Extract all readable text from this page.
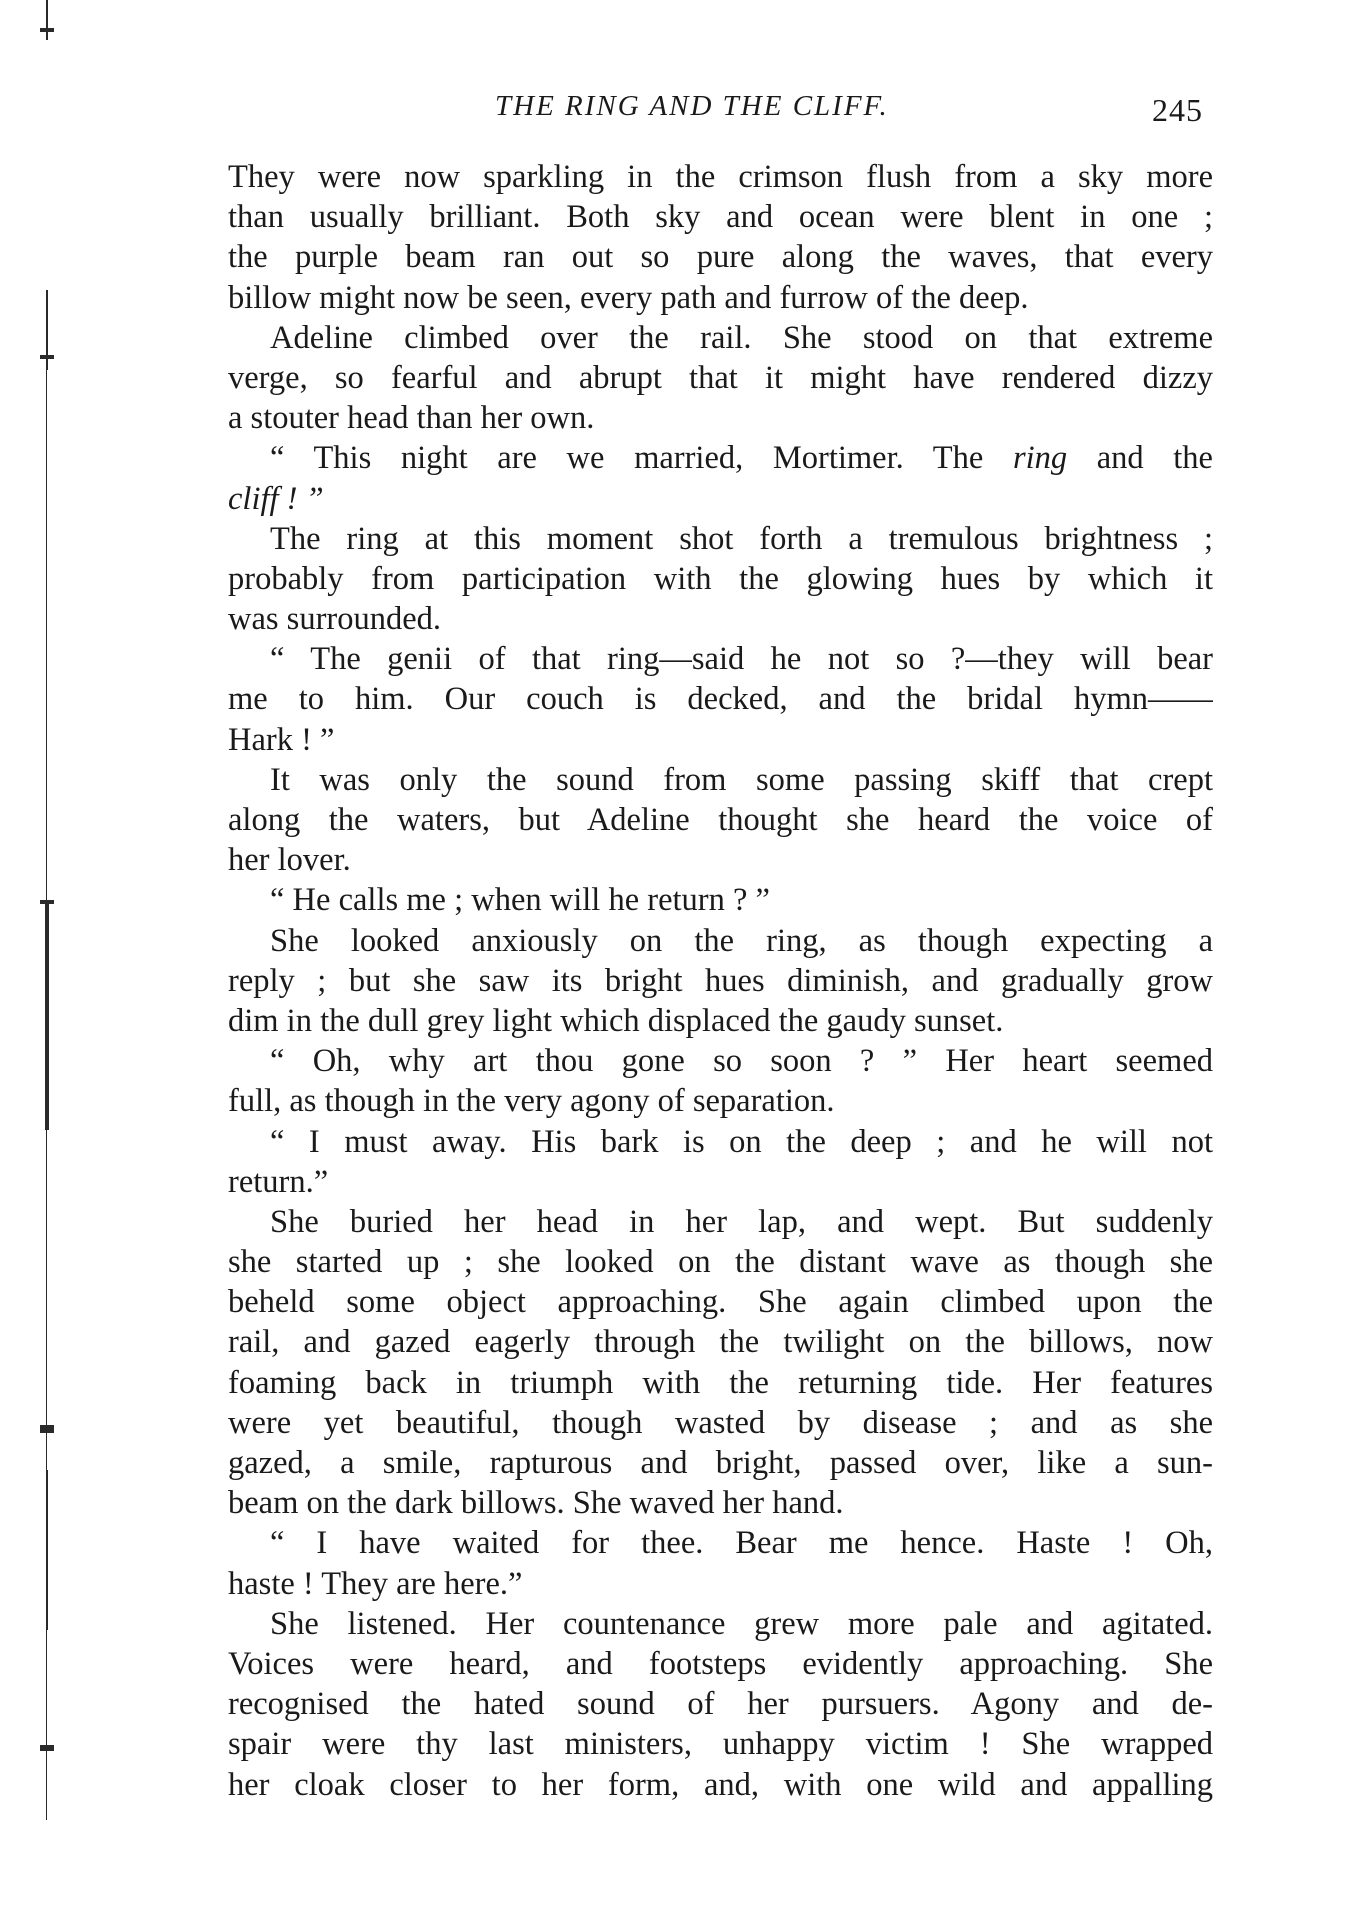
THE RING AND THE CLIFF.	245
They were now sparkling in the crimson flush from a sky more
than usually brilliant. Both sky and ocean were blent in one ;
the purple beam ran out so pure along the waves, that every
billow might now be seen, every path and furrow of the deep.
Adeline climbed over the rail. She stood on that extreme
verge, so fearful and abrupt that it might have rendered dizzy
a stouter head than her own.
“ This night are we married, Mortimer. The ring and the
cliff ! ”
The ring at this moment shot forth a tremulous brightness ;
probably from participation with the glowing hues by which it
was surrounded.
“ The genii of that ring—said he not so ?—they will bear
me to him. Our couch is decked, and the bridal hymn——
Hark ! ”
It was only the sound from some passing skiff that crept
along the waters, but Adeline thought she heard the voice of
her lover.
“ He calls me ; when will he return ? ”
She looked anxiously on the ring, as though expecting a
reply ; but she saw its bright hues diminish, and gradually grow
dim in the dull grey light which displaced the gaudy sunset.
“ Oh, why art thou gone so soon ? ” Her heart seemed
full, as though in the very agony of separation.
“ I must away. His bark is on the deep ; and he will not
return.”
She buried her head in her lap, and wept. But suddenly
she started up ; she looked on the distant wave as though she
beheld some object approaching. She again climbed upon the
rail, and gazed eagerly through the twilight on the billows, now
foaming back in triumph with the returning tide. Her features
were yet beautiful, though wasted by disease ; and as she
gazed, a smile, rapturous and bright, passed over, like a sun-
beam on the dark billows. She waved her hand.
“ I have waited for thee. Bear me hence. Haste ! Oh,
haste ! They are here.”
She listened. Her countenance grew more pale and agitated.
Voices were heard, and footsteps evidently approaching. She
recognised the hated sound of her pursuers. Agony and de-
spair were thy last ministers, unhappy victim ! She wrapped
her cloak closer to her form, and, with one wild and appalling
